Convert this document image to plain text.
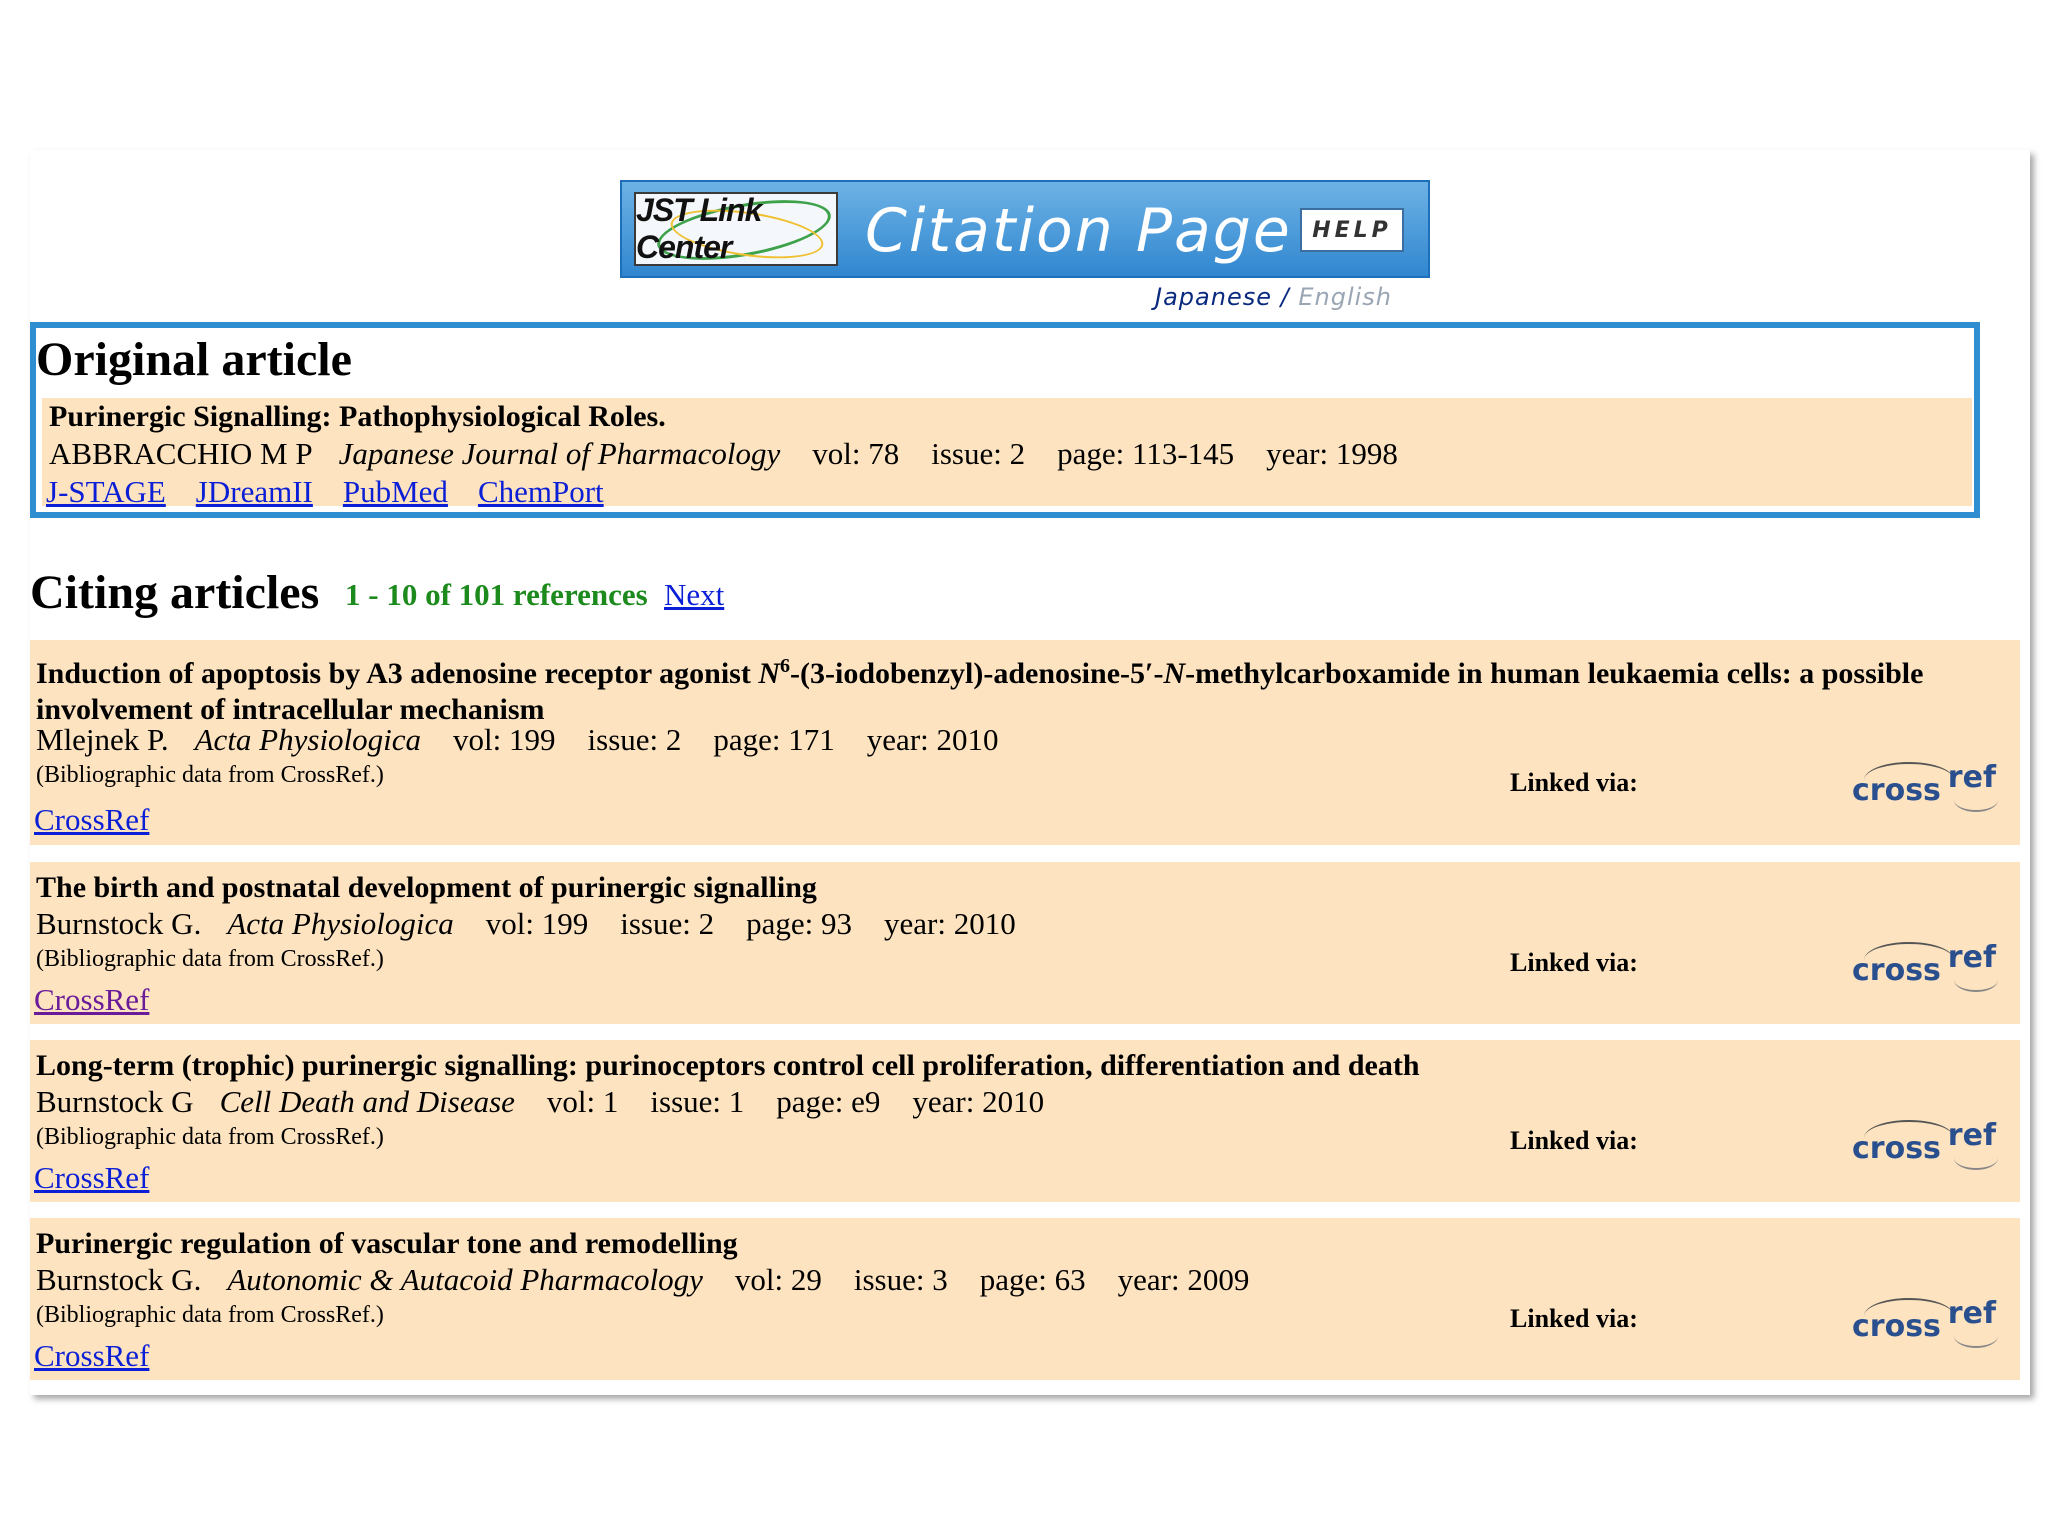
JST Link Center	Citation Page HELP
Japanese / English
Original article
Purinergic Signalling: Pathophysiological Roles.
ABBRACCHIO M P Japanese Journal of Pharmacology vol: 78 issue: 2 page: 113-145 year: 1998
J-STAGE JDreamII PubMed ChemPort
Citing articles 1 - 10 of 101 references Next
Induction of apoptosis by A3 adenosine receptor agonist $N^6-(3-iodobenzyl)-adenosine-5'-N$-methylcarboxamide in human leukaemia cells: a possible involvement of intracellular mechanism
Mlejnek P. Acta Physiologica vol: 199 issue: 2 page: 171 year: 2010
(Bibliographic data from CrossRef.)
CrossRef
Linked via:	cross ref
The birth and postnatal development of purinergic signalling
Burnstock G. Acta Physiologica vol: 199 issue: 2 page: 93 year: 2010
(Bibliographic data from CrossRef.)
CrossRef
Linked via:	cross ref
Long-term (trophic) purinergic signalling: purinoceptors control cell proliferation, differentiation and death
Burnstock G Cell Death and Disease vol: 1 issue: 1 page: e9 year: 2010
(Bibliographic data from CrossRef.)
CrossRef
Linked via:	cross ref
Purinergic regulation of vascular tone and remodelling
Burnstock G. Autonomic & Autacoid Pharmacology vol: 29 issue: 3 page: 63 year: 2009
(Bibliographic data from CrossRef.)
CrossRef
Linked via:	cross ref
